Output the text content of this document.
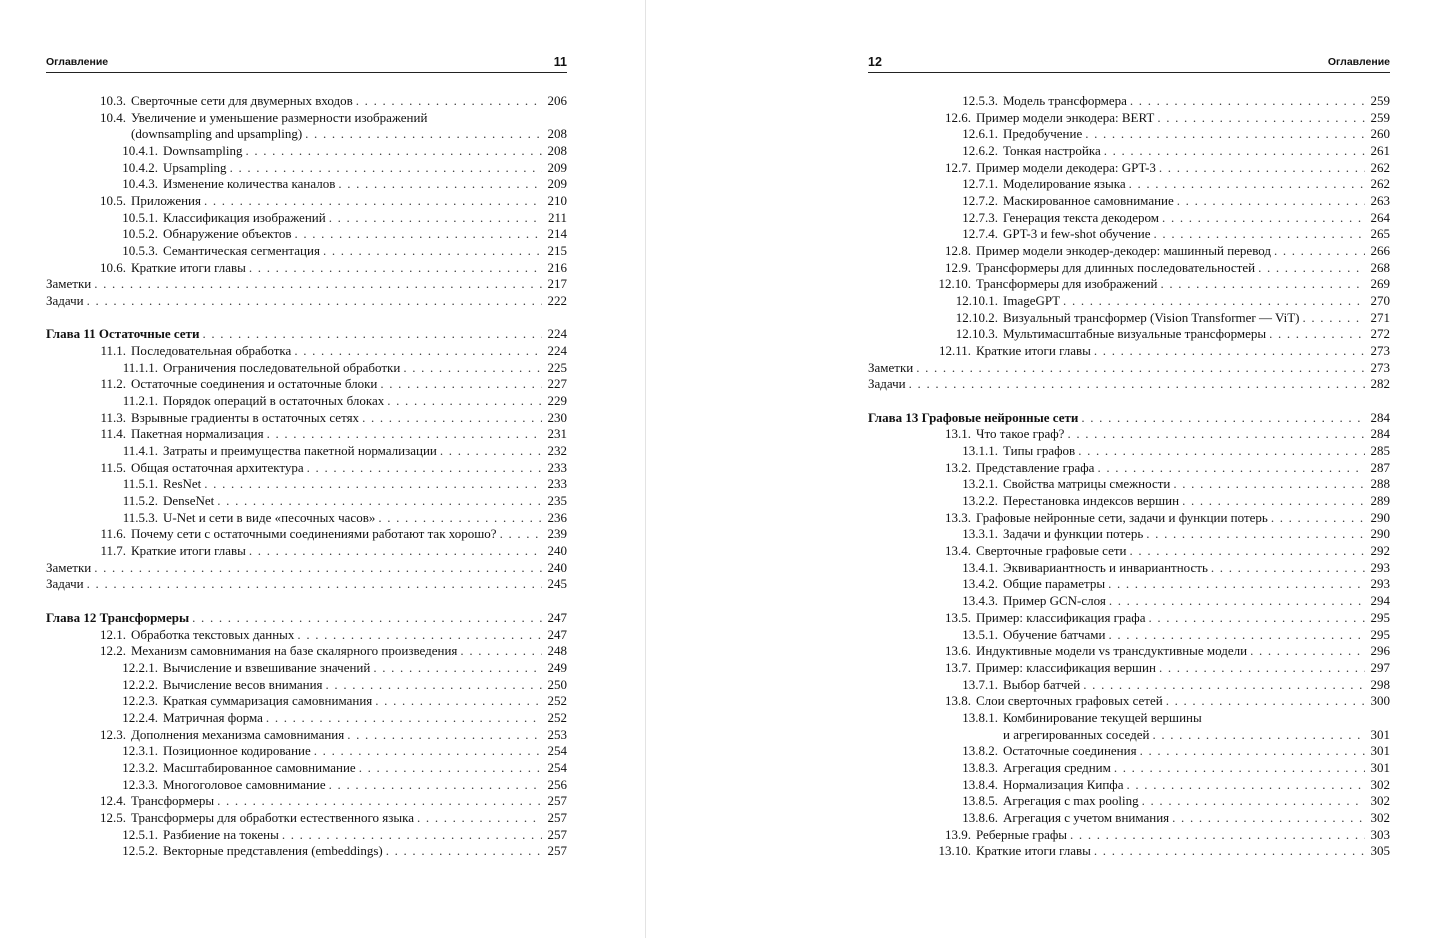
Оглавление	11
10.3. Сверточные сети для двумерных входов . . .	206
10.4. Увеличение и уменьшение размерности изображений
(downsampling and upsampling) . . .	208
10.4.1. Downsampling . . .	208
10.4.2. Upsampling . . .	209
10.4.3. Изменение количества каналов . . .	209
10.5. Приложения . . .	210
10.5.1. Классификация изображений . . .	211
10.5.2. Обнаружение объектов . . .	214
10.5.3. Семантическая сегментация . . .	215
10.6. Краткие итоги главы . . .	216
Заметки . . .	217
Задачи . . .	222
Глава 11 Остаточные сети . . .	224
11.1. Последовательная обработка . . .	224
11.1.1. Ограничения последовательной обработки . . .	225
11.2. Остаточные соединения и остаточные блоки . . .	227
11.2.1. Порядок операций в остаточных блоках . . .	229
11.3. Взрывные градиенты в остаточных сетях . . .	230
11.4. Пакетная нормализация . . .	231
11.4.1. Затраты и преимущества пакетной нормализации . . .	232
11.5. Общая остаточная архитектура . . .	233
11.5.1. ResNet . . .	233
11.5.2. DenseNet . . .	235
11.5.3. U-Net и сети в виде «песочных часов» . . .	236
11.6. Почему сети с остаточными соединениями работают так хорошо? . . .	239
11.7. Краткие итоги главы . . .	240
Заметки . . .	240
Задачи . . .	245
Глава 12 Трансформеры . . .	247
12.1. Обработка текстовых данных . . .	247
12.2. Механизм самовнимания на базе скалярного произведения . . .	248
12.2.1. Вычисление и взвешивание значений . . .	249
12.2.2. Вычисление весов внимания . . .	250
12.2.3. Краткая суммаризация самовнимания . . .	252
12.2.4. Матричная форма . . .	252
12.3. Дополнения механизма самовнимания . . .	253
12.3.1. Позиционное кодирование . . .	254
12.3.2. Масштабированное самовнимание . . .	254
12.3.3. Многоголовое самовнимание . . .	256
12.4. Трансформеры . . .	257
12.5. Трансформеры для обработки естественного языка . . .	257
12.5.1. Разбиение на токены . . .	257
12.5.2. Векторные представления (embeddings) . . .	257
12	Оглавление
12.5.3. Модель трансформера . . .	259
12.6. Пример модели энкодера: BERT . . .	259
12.6.1. Предобучение . . .	260
12.6.2. Тонкая настройка . . .	261
12.7. Пример модели декодера: GPT-3 . . .	262
12.7.1. Моделирование языка . . .	262
12.7.2. Маскированное самовнимание . . .	263
12.7.3. Генерация текста декодером . . .	264
12.7.4. GPT-3 и few-shot обучение . . .	265
12.8. Пример модели энкодер-декодер: машинный перевод . . .	266
12.9. Трансформеры для длинных последовательностей . . .	268
12.10. Трансформеры для изображений . . .	269
12.10.1. ImageGPT . . .	270
12.10.2. Визуальный трансформер (Vision Transformer — ViT) . . .	271
12.10.3. Мультимасштабные визуальные трансформеры . . .	272
12.11. Краткие итоги главы . . .	273
Заметки . . .	273
Задачи . . .	282
Глава 13 Графовые нейронные сети . . .	284
13.1. Что такое граф? . . .	284
13.1.1. Типы графов . . .	285
13.2. Представление графа . . .	287
13.2.1. Свойства матрицы смежности . . .	288
13.2.2. Перестановка индексов вершин . . .	289
13.3. Графовые нейронные сети, задачи и функции потерь . . .	290
13.3.1. Задачи и функции потерь . . .	290
13.4. Сверточные графовые сети . . .	292
13.4.1. Эквивариантность и инвариантность . . .	293
13.4.2. Общие параметры . . .	293
13.4.3. Пример GCN-слоя . . .	294
13.5. Пример: классификация графа . . .	295
13.5.1. Обучение батчами . . .	295
13.6. Индуктивные модели vs трансдуктивные модели . . .	296
13.7. Пример: классификация вершин . . .	297
13.7.1. Выбор батчей . . .	298
13.8. Слои сверточных графовых сетей . . .	300
13.8.1. Комбинирование текущей вершины
и агрегированных соседей . . .	301
13.8.2. Остаточные соединения . . .	301
13.8.3. Агрегация средним . . .	301
13.8.4. Нормализация Кипфа . . .	302
13.8.5. Агрегация с max pooling . . .	302
13.8.6. Агрегация с учетом внимания . . .	302
13.9. Реберные графы . . .	303
13.10. Краткие итоги главы . . .	305
